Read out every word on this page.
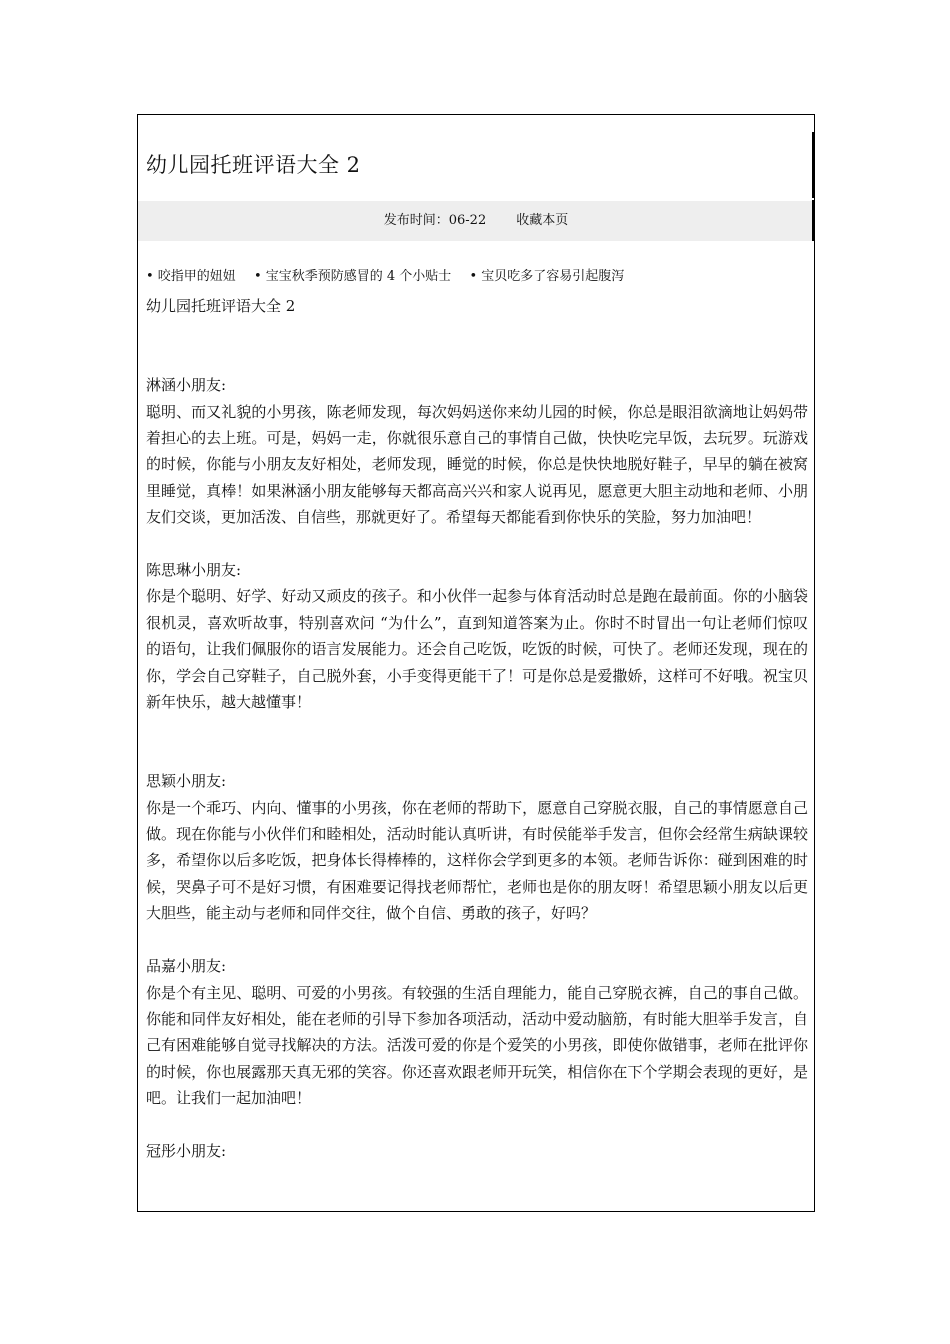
幼儿园托班评语大全 2
发布时间：06-22 收藏本页
• 咬指甲的妞妞 • 宝宝秋季预防感冒的 4 个小贴士 • 宝贝吃多了容易引起腹泻

幼儿园托班评语大全 2

淋涵小朋友:

聪明、而又礼貌的小男孩，陈老师发现，每次妈妈送你来幼儿园的时候，你总是眼泪欲滴地让妈妈带着担心的去上班。可是，妈妈一走，你就很乐意自己的事情自己做，快快吃完早饭，去玩罗。玩游戏的时候，你能与小朋友友好相处，老师发现，睡觉的时候，你总是快快地脱好鞋子，早早的躺在被窝里睡觉，真棒！如果淋涵小朋友能够每天都高高兴兴和家人说再见，愿意更大胆主动地和老师、小朋友们交谈，更加活泼、自信些，那就更好了。希望每天都能看到你快乐的笑脸，努力加油吧！

陈思琳小朋友:

你是个聪明、好学、好动又顽皮的孩子。和小伙伴一起参与体育活动时总是跑在最前面。你的小脑袋很机灵，喜欢听故事，特别喜欢问 “为什么”，直到知道答案为止。你时不时冒出一句让老师们惊叹的语句，让我们佩服你的语言发展能力。还会自己吃饭，吃饭的时候，可快了。老师还发现，现在的你，学会自己穿鞋子，自己脱外套，小手变得更能干了！可是你总是爱撒娇，这样可不好哦。祝宝贝新年快乐，越大越懂事！

思颖小朋友:

你是一个乖巧、内向、懂事的小男孩，你在老师的帮助下，愿意自己穿脱衣服，自己的事情愿意自己做。现在你能与小伙伴们和睦相处，活动时能认真听讲，有时侯能举手发言，但你会经常生病缺课较多，希望你以后多吃饭，把身体长得棒棒的，这样你会学到更多的本领。老师告诉你：碰到困难的时候，哭鼻子可不是好习惯，有困难要记得找老师帮忙，老师也是你的朋友呀！希望思颖小朋友以后更大胆些，能主动与老师和同伴交往，做个自信、勇敢的孩子，好吗？

品嘉小朋友:

你是个有主见、聪明、可爱的小男孩。有较强的生活自理能力，能自己穿脱衣裤，自己的事自己做。你能和同伴友好相处，能在老师的引导下参加各项活动，活动中爱动脑筋，有时能大胆举手发言，自己有困难能够自觉寻找解决的方法。活泼可爱的你是个爱笑的小男孩，即使你做错事，老师在批评你的时候，你也展露那天真无邪的笑容。你还喜欢跟老师开玩笑，相信你在下个学期会表现的更好，是吧。让我们一起加油吧！

冠彤小朋友:
